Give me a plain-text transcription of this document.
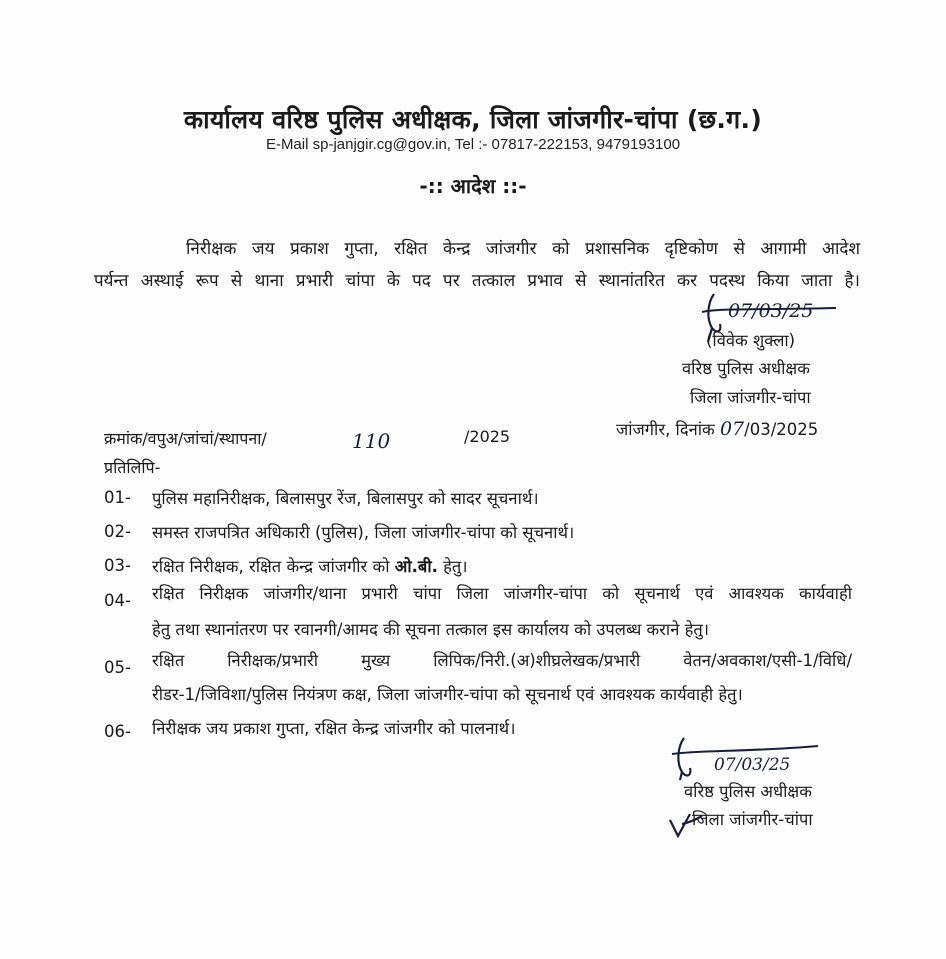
कार्यालय वरिष्ठ पुलिस अधीक्षक, जिला जांजगीर-चांपा (छ.ग.)
E-Mail sp-janjgir.cg@gov.in, Tel :- 07817-222153, 9479193100
-:: आदेश ::-
निरीक्षक जय प्रकाश गुप्ता, रक्षित केन्द्र जांजगीर को प्रशासनिक दृष्टिकोण से आगामी आदेश
पर्यन्त अस्थाई रूप से थाना प्रभारी चांपा के पद पर तत्काल प्रभाव से स्थानांतरित कर पदस्थ किया जाता है।
07/03/25
(विवेक शुक्ला)
वरिष्ठ पुलिस अधीक्षक
जिला जांजगीर-चांपा
क्रमांक/वपुअ/जांचां/स्थापना/	110	/2025	जांजगीर, दिनांक 07/03/2025
प्रतिलिपि-
01- पुलिस महानिरीक्षक, बिलासपुर रेंज, बिलासपुर को सादर सूचनार्थ।
02- समस्त राजपत्रित अधिकारी (पुलिस), जिला जांजगीर-चांपा को सूचनार्थ।
03- रक्षित निरीक्षक, रक्षित केन्द्र जांजगीर को ओ.बी. हेतु।
04- रक्षित निरीक्षक जांजगीर/थाना प्रभारी चांपा जिला जांजगीर-चांपा को सूचनार्थ एवं आवश्यक कार्यवाही
हेतु तथा स्थानांतरण पर रवानगी/आमद की सूचना तत्काल इस कार्यालय को उपलब्ध कराने हेतु।
05- रक्षित निरीक्षक/प्रभारी मुख्य लिपिक/निरी.(अ)शीघ्रलेखक/प्रभारी वेतन/अवकाश/एसी-1/विधि/
रीडर-1/जिविशा/पुलिस नियंत्रण कक्ष, जिला जांजगीर-चांपा को सूचनार्थ एवं आवश्यक कार्यवाही हेतु।
06- निरीक्षक जय प्रकाश गुप्ता, रक्षित केन्द्र जांजगीर को पालनार्थ।
07/03/25
वरिष्ठ पुलिस अधीक्षक
जिला जांजगीर-चांपा
